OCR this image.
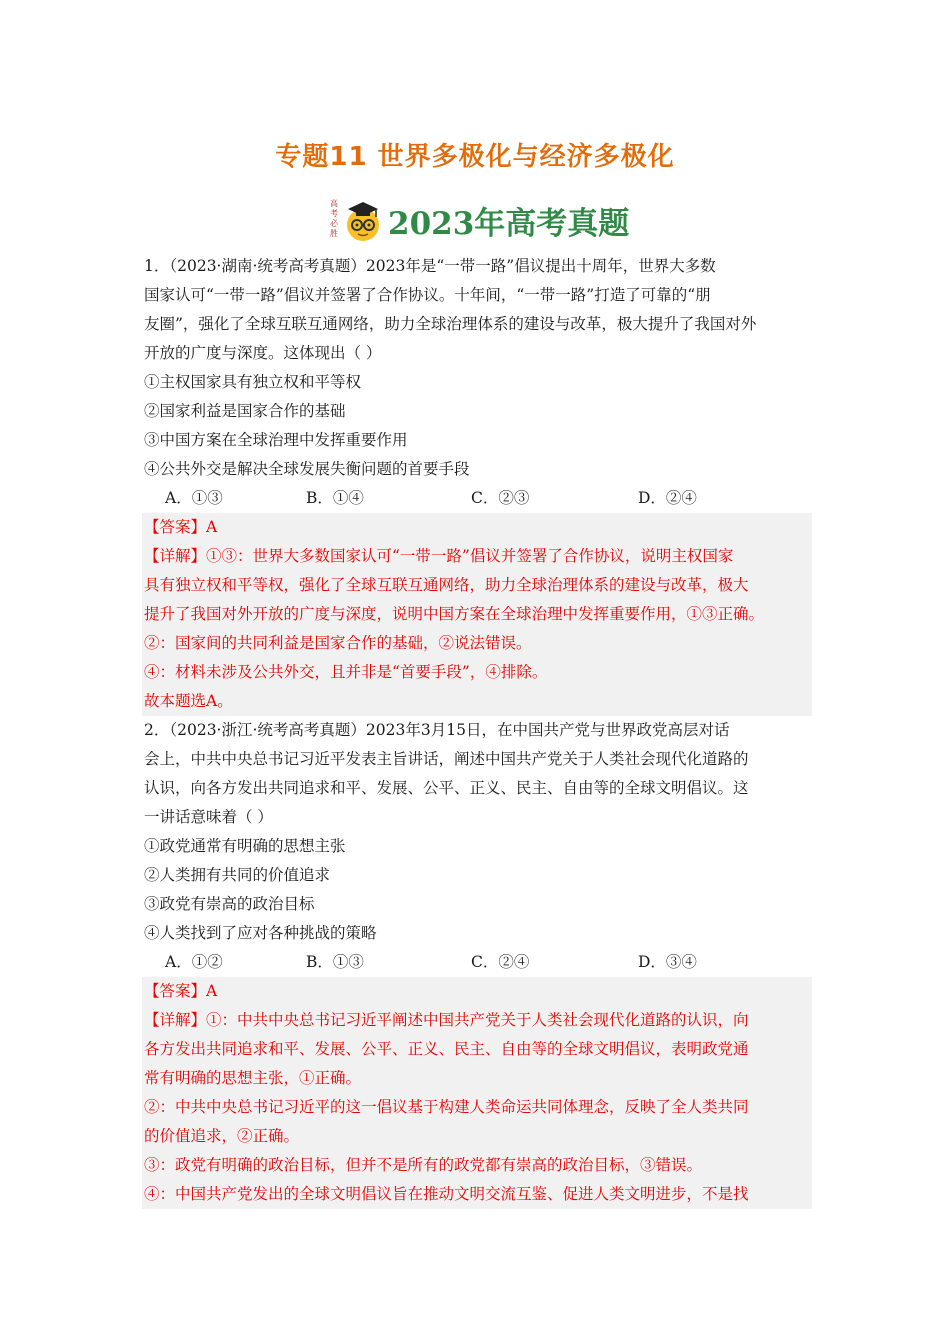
专题11 世界多极化与经济多极化
高
考
必
胜 2023年高考真题
1．（2023·湖南·统考高考真题）2023年是“一带一路”倡议提出十周年，世界大多数
国家认可“一带一路”倡议并签署了合作协议。十年间，“一带一路”打造了可靠的“朋
友圈”，强化了全球互联互通网络，助力全球治理体系的建设与改革，极大提升了我国对外
开放的广度与深度。这体现出（ ）
①主权国家具有独立权和平等权
②国家利益是国家合作的基础
③中国方案在全球治理中发挥重要作用
④公共外交是解决全球发展失衡问题的首要手段
A．①③	B．①④	C．②③	D．②④
【答案】A
【详解】①③：世界大多数国家认可“一带一路”倡议并签署了合作协议，说明主权国家
具有独立权和平等权，强化了全球互联互通网络，助力全球治理体系的建设与改革，极大
提升了我国对外开放的广度与深度，说明中国方案在全球治理中发挥重要作用，①③正确。
②：国家间的共同利益是国家合作的基础，②说法错误。
④：材料未涉及公共外交，且并非是“首要手段”，④排除。
故本题选A。
2．（2023·浙江·统考高考真题）2023年3月15日，在中国共产党与世界政党高层对话
会上，中共中央总书记习近平发表主旨讲话，阐述中国共产党关于人类社会现代化道路的
认识，向各方发出共同追求和平、发展、公平、正义、民主、自由等的全球文明倡议。这
一讲话意味着（ ）
①政党通常有明确的思想主张
②人类拥有共同的价值追求
③政党有崇高的政治目标
④人类找到了应对各种挑战的策略
A．①②	B．①③	C．②④	D．③④
【答案】A
【详解】①：中共中央总书记习近平阐述中国共产党关于人类社会现代化道路的认识，向
各方发出共同追求和平、发展、公平、正义、民主、自由等的全球文明倡议，表明政党通
常有明确的思想主张，①正确。
②：中共中央总书记习近平的这一倡议基于构建人类命运共同体理念，反映了全人类共同
的价值追求，②正确。
③：政党有明确的政治目标，但并不是所有的政党都有崇高的政治目标，③错误。
④：中国共产党发出的全球文明倡议旨在推动文明交流互鉴、促进人类文明进步，不是找
